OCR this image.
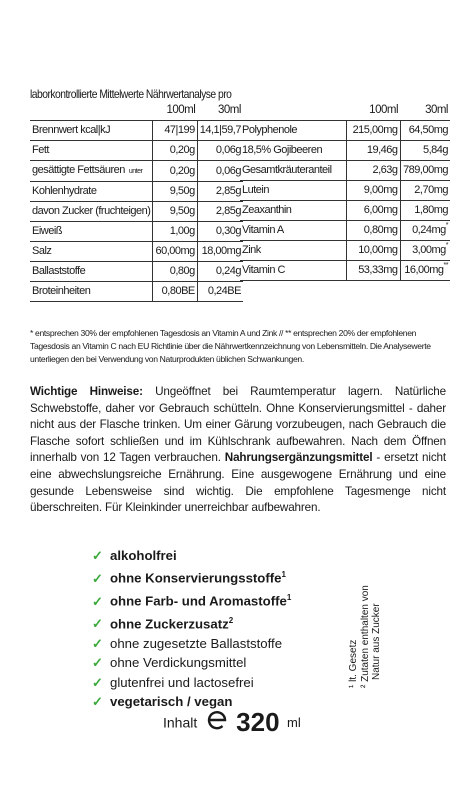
laborkontrollierte Mittelwerte Nährwertanalyse pro
	100ml	30ml
Brennwert kcal|kJ	47|199	14,1|59,7
Fett	0,20g	0,06g
gesättigte Fettsäuren unter	0,20g	0,06g
Kohlenhydrate	9,50g	2,85g
davon Zucker (fruchteigen)	9,50g	2,85g
Eiweiß	1,00g	0,30g
Salz	60,00mg	18,00mg
Ballaststoffe	0,80g	0,24g
Broteinheiten	0,80BE	0,24BE
	100ml	30ml
Polyphenole	215,00mg	64,50mg
18,5% Gojibeeren	19,46g	5,84g
Gesamtkräuteranteil	2,63g	789,00mg
Lutein	9,00mg	2,70mg
Zeaxanthin	6,00mg	1,80mg
Vitamin A	0,80mg	0,24mg*
Zink	10,00mg	3,00mg*
Vitamin C	53,33mg	16,00mg**
* entsprechen 30% der empfohlenen Tagesdosis an Vitamin A und Zink // ** entsprechen 20% der empfohlenen Tagesdosis an Vitamin C nach EU Richtlinie über die Nährwertkennzeichnung von Lebensmitteln. Die Analysewerte unterliegen den bei Verwendung von Naturprodukten üblichen Schwankungen.
Wichtige Hinweise: Ungeöffnet bei Raumtemperatur lagern. Natürliche Schwebstoffe, daher vor Gebrauch schütteln. Ohne Konservierungsmittel - daher nicht aus der Flasche trinken. Um einer Gärung vorzubeugen, nach Gebrauch die Flasche sofort schließen und im Kühlschrank aufbewahren. Nach dem Öffnen innerhalb von 12 Tagen verbrauchen. Nahrungsergänzungsmittel - ersetzt nicht eine abwechslungsreiche Ernährung. Eine ausgewogene Ernährung und eine gesunde Lebensweise sind wichtig. Die empfohlene Tagesmenge nicht überschreiten. Für Kleinkinder unerreichbar aufbewahren.
✓ alkoholfrei
✓ ohne Konservierungsstoffe$^1$
✓ ohne Farb- und Aromastoffe$^1$
✓ ohne Zuckerzusatz$^2$
✓ ohne zugesetzte Ballaststoffe
✓ ohne Verdickungsmittel
✓ glutenfrei und lactosefrei
✓ vegetarisch / vegan
¹ lt. Gesetz ² Zutaten enthalten von Natur aus Zucker
Inhalt 320 ml
